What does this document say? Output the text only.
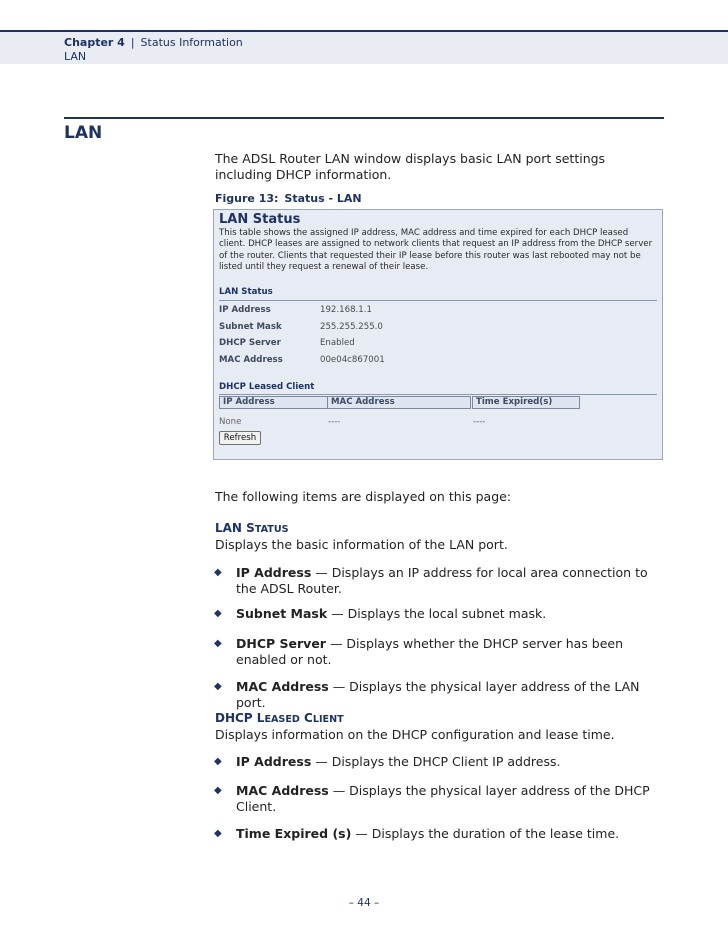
Chapter 4 | Status Information
LAN
LAN
The ADSL Router LAN window displays basic LAN port settings including DHCP information.
Figure 13: Status - LAN
LAN Status
This table shows the assigned IP address, MAC address and time expired for each DHCP leased client. DHCP leases are assigned to network clients that request an IP address from the DHCP server of the router. Clients that requested their IP lease before this router was last rebooted may not be listed until they request a renewal of their lease.
LAN Status
IP Address	192.168.1.1
Subnet Mask	255.255.255.0
DHCP Server	Enabled
MAC Address	00e04c867001
DHCP Leased Client
IP Address	MAC Address	Time Expired(s)
None	----	----
Refresh
The following items are displayed on this page:
LAN STATUS
Displays the basic information of the LAN port.
◆ IP Address — Displays an IP address for local area connection to the ADSL Router.
◆ Subnet Mask — Displays the local subnet mask.
◆ DHCP Server — Displays whether the DHCP server has been enabled or not.
◆ MAC Address — Displays the physical layer address of the LAN port.
DHCP LEASED CLIENT
Displays information on the DHCP configuration and lease time.
◆ IP Address — Displays the DHCP Client IP address.
◆ MAC Address — Displays the physical layer address of the DHCP Client.
◆ Time Expired (s) — Displays the duration of the lease time.
– 44 –
